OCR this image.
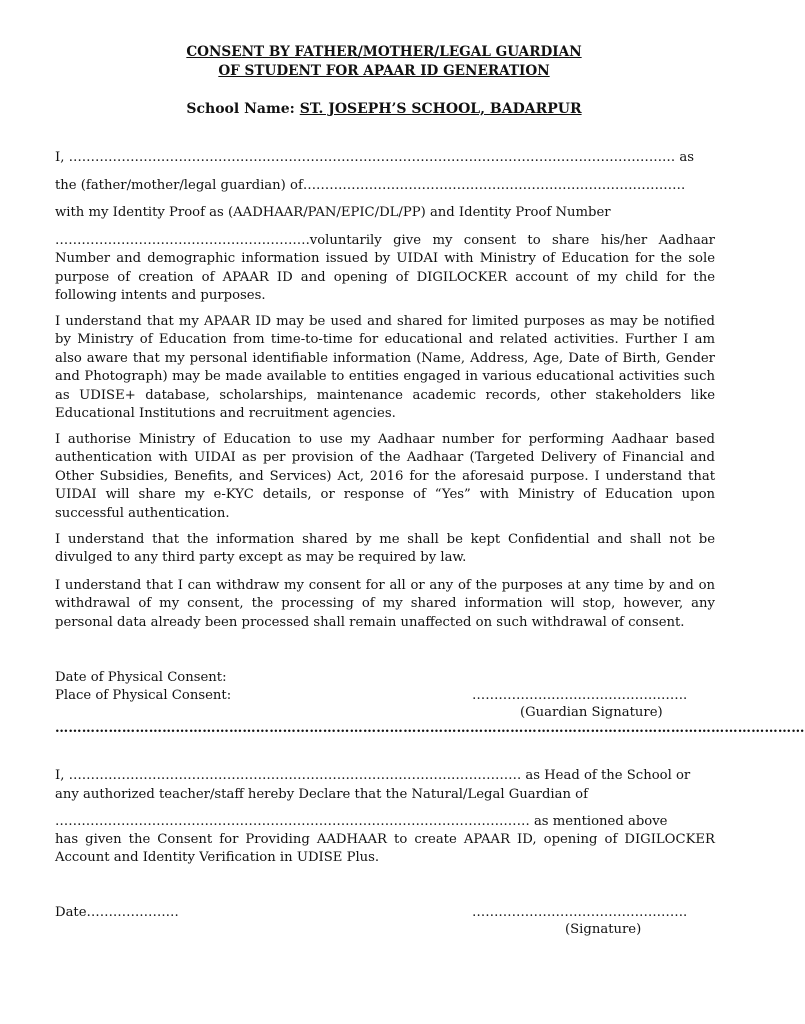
CONSENT BY FATHER/MOTHER/LEGAL GUARDIAN
OF STUDENT FOR APAAR ID GENERATION
School Name: ST. JOSEPH’S SCHOOL, BADARPUR
I, ………………………………………………………………………………………………………………………… as
the (father/mother/legal guardian) of……………………………………………………………………………
with my Identity Proof as (AADHAAR/PAN/EPIC/DL/PP) and Identity Proof Number

………………………………………………….voluntarily give my consent to share his/her Aadhaar Number and demographic information issued by UIDAI with Ministry of Education for the sole purpose of creation of APAAR ID and opening of DIGILOCKER account of my child for the following intents and purposes.

I understand that my APAAR ID may be used and shared for limited purposes as may be notified by Ministry of Education from time-to-time for educational and related activities. Further I am also aware that my personal identifiable information (Name, Address, Age, Date of Birth, Gender and Photograph) may be made available to entities engaged in various educational activities such as UDISE+ database, scholarships, maintenance academic records, other stakeholders like Educational Institutions and recruitment agencies.

I authorise Ministry of Education to use my Aadhaar number for performing Aadhaar based authentication with UIDAI as per provision of the Aadhaar (Targeted Delivery of Financial and Other Subsidies, Benefits, and Services) Act, 2016 for the aforesaid purpose. I understand that UIDAI will share my e-KYC details, or response of “Yes” with Ministry of Education upon successful authentication.

I understand that the information shared by me shall be kept Confidential and shall not be divulged to any third party except as may be required by law.

I understand that I can withdraw my consent for all or any of the purposes at any time by and on withdrawal of my consent, the processing of my shared information will stop, however, any personal data already been processed shall remain unaffected on such withdrawal of consent.

Date of Physical Consent:
Place of Physical Consent:	………………………………………….
(Guardian Signature)
……………………………………………………………………………………………………………………………………………………
I, …………………………………………………………………………………………. as Head of the School or
any authorized teacher/staff hereby Declare that the Natural/Legal Guardian of
……………………………………………………………………………………………… as mentioned above

has given the Consent for Providing AADHAAR to create APAAR ID, opening of DIGILOCKER Account and Identity Verification in UDISE Plus.

Date…………………	………………………………………….
(Signature)
